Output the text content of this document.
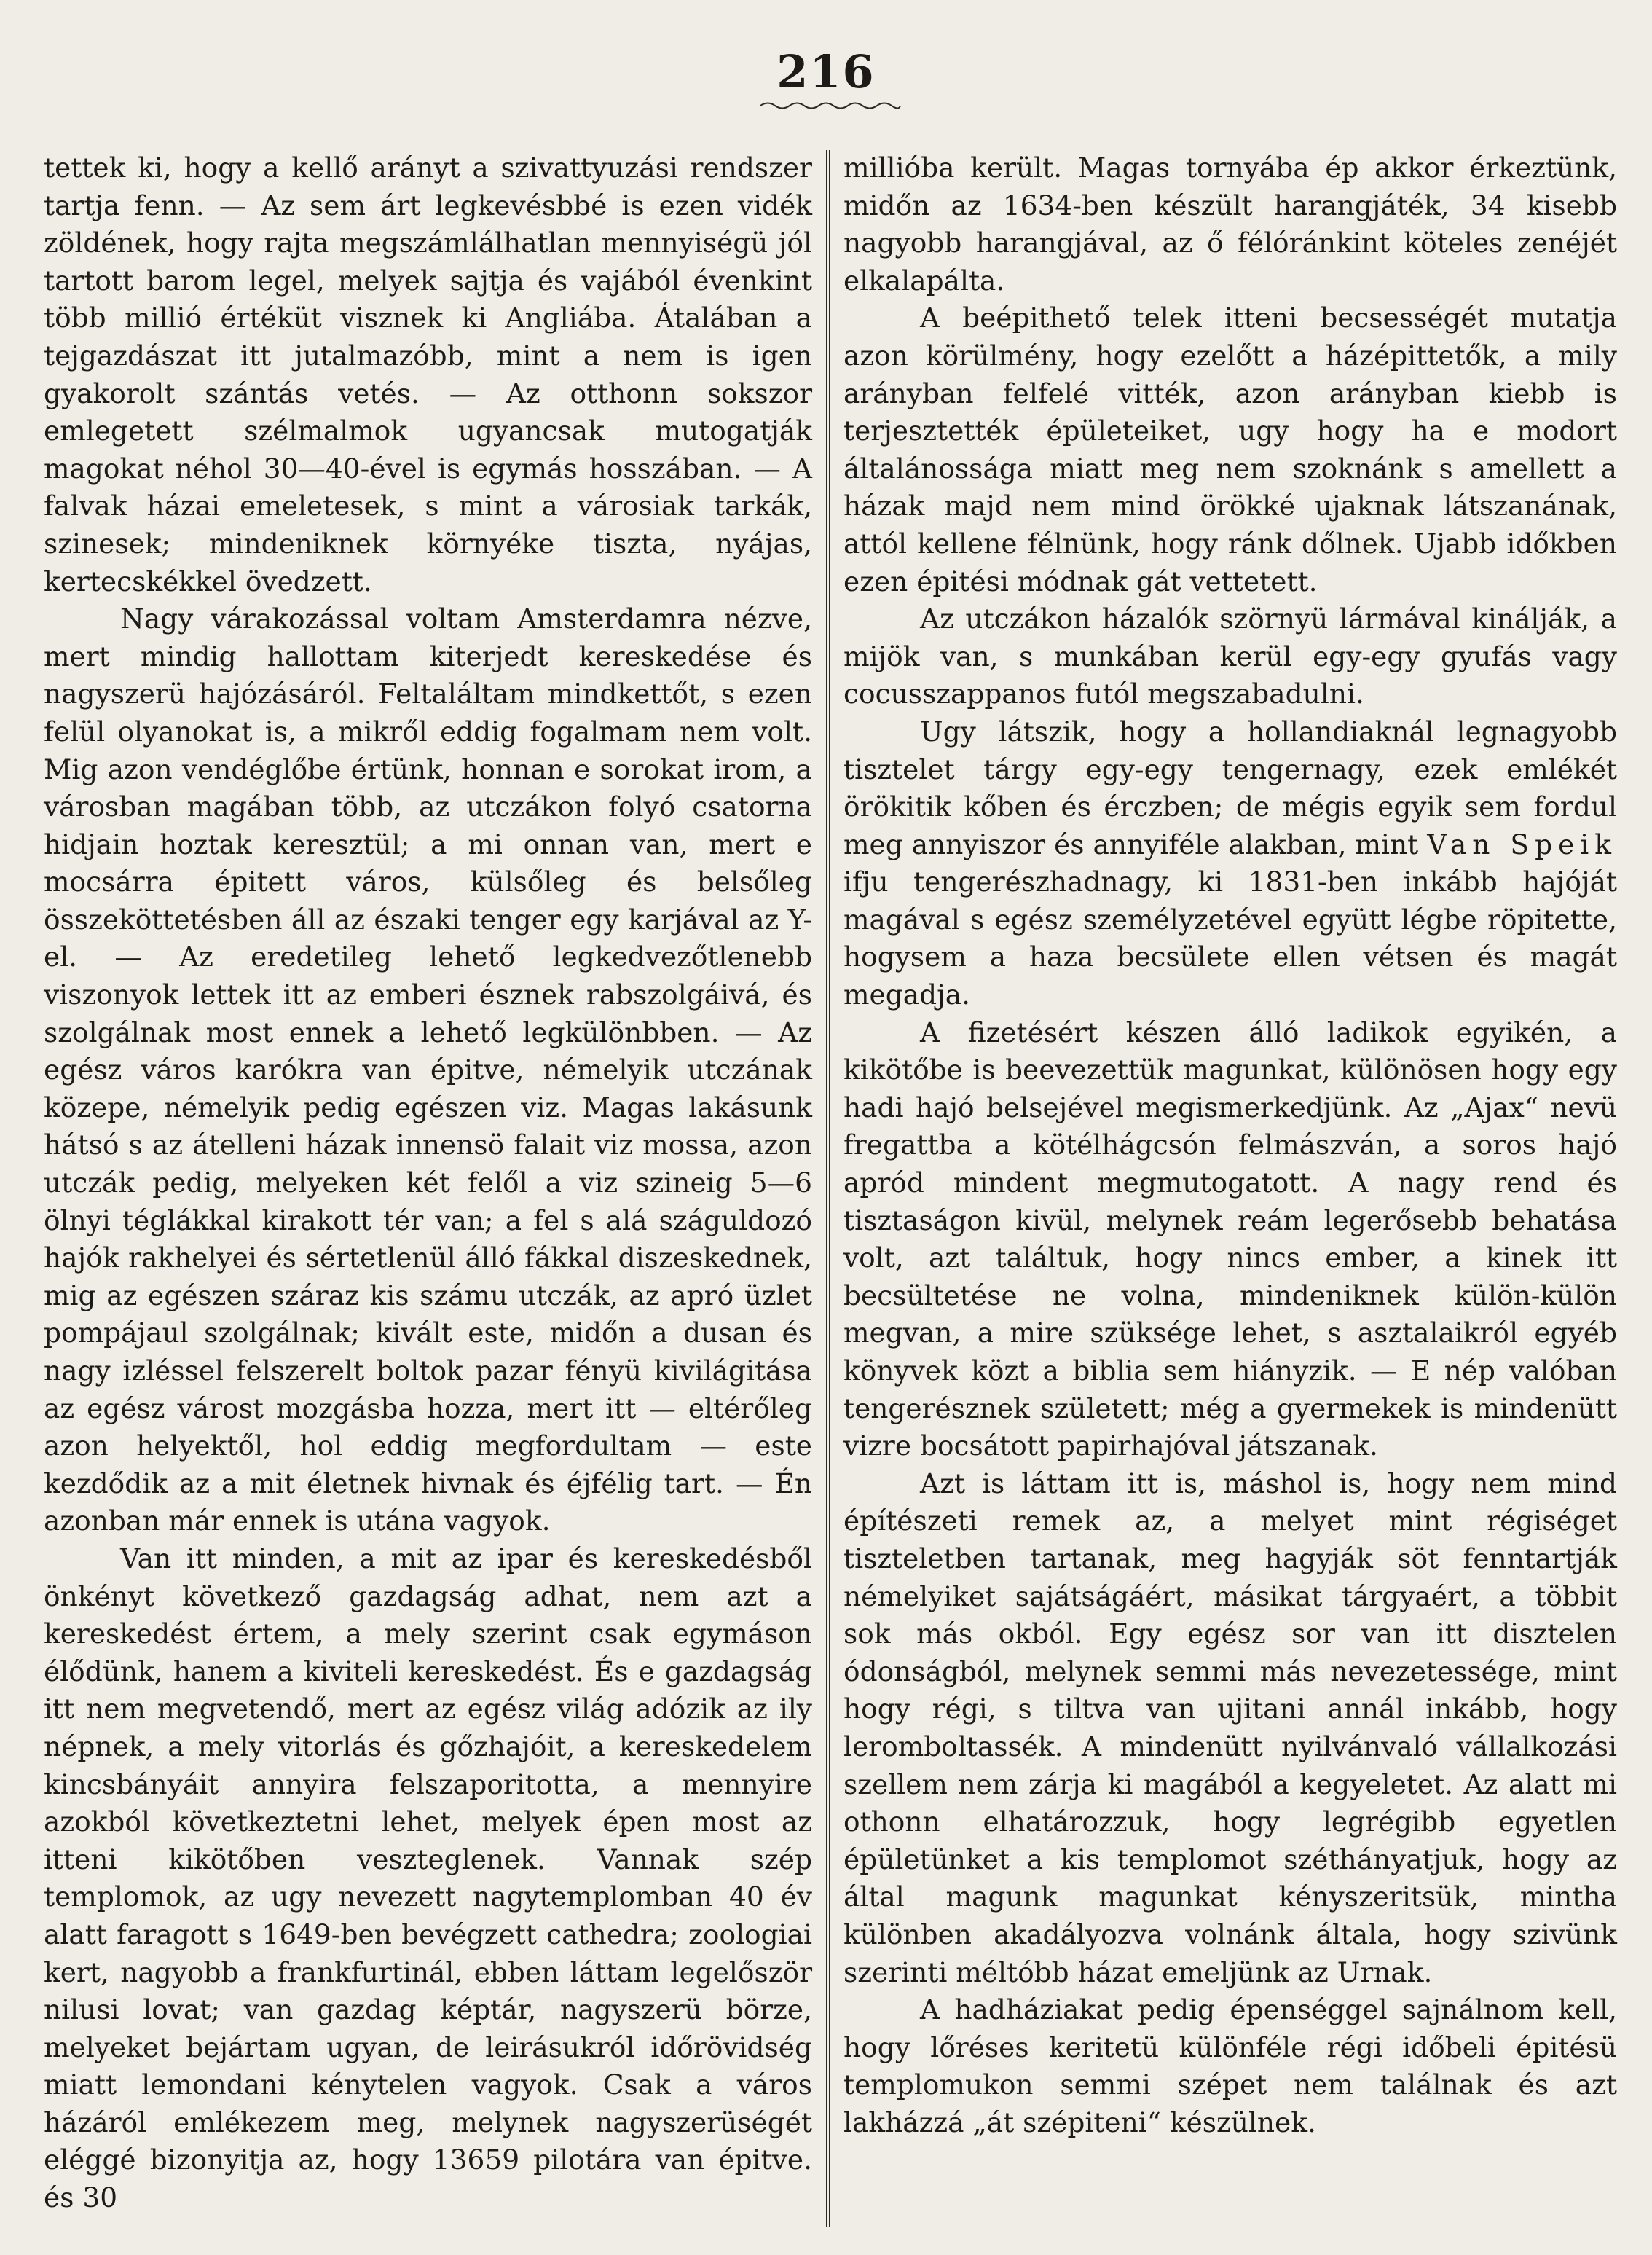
216

tettek ki, hogy a kellő arányt a szivattyuzási rendszer tartja fenn. — Az sem árt legkevésbbé is ezen vidék zöldének, hogy rajta megszámlálhatlan mennyiségü jól tartott barom legel, melyek sajtja és vajából évenkint több millió értéküt visznek ki Angliába. Átalában a tejgazdászat itt jutalmazóbb, mint a nem is igen gyakorolt szántás vetés. — Az otthonn sokszor emlegetett szélmalmok ugyancsak mutogatják magokat néhol 30—40-ével is egymás hosszában. — A falvak házai emeletesek, s mint a városiak tarkák, szinesek; mindeniknek környéke tiszta, nyájas, kertecskékkel övedzett.

Nagy várakozással voltam Amsterdamra nézve, mert mindig hallottam kiterjedt kereskedése és nagyszerü hajózásáról. Feltaláltam mindkettőt, s ezen felül olyanokat is, a mikről eddig fogalmam nem volt. Mig azon vendéglőbe értünk, honnan e sorokat irom, a városban magában több, az utczákon folyó csatorna hidjain hoztak keresztül; a mi onnan van, mert e mocsárra épitett város, külsőleg és belsőleg összeköttetésben áll az északi tenger egy karjával az Y-el. — Az eredetileg lehető legkedvezőtlenebb viszonyok lettek itt az emberi észnek rabszolgáivá, és szolgálnak most ennek a lehető legkülönbben. — Az egész város karókra van épitve, némelyik utczának közepe, némelyik pedig egészen viz. Magas lakásunk hátsó s az átelleni házak innensö falait viz mossa, azon utczák pedig, melyeken két felől a viz szineig 5—6 ölnyi téglákkal kirakott tér van; a fel s alá száguldozó hajók rakhelyei és sértetlenül álló fákkal diszeskednek, mig az egészen száraz kis számu utczák, az apró üzlet pompájaul szolgálnak; kivált este, midőn a dusan és nagy izléssel felszerelt boltok pazar fényü kivilágitása az egész várost mozgásba hozza, mert itt — eltérőleg azon helyektől, hol eddig megfordultam — este kezdődik az a mit életnek hivnak és éjfélig tart. — Én azonban már ennek is utána vagyok.

Van itt minden, a mit az ipar és kereskedésből önkényt következő gazdagság adhat, nem azt a kereskedést értem, a mely szerint csak egymáson élődünk, hanem a kiviteli kereskedést. És e gazdagság itt nem megvetendő, mert az egész világ adózik az ily népnek, a mely vitorlás és gőzhajóit, a kereskedelem kincsbányáit annyira felszaporitotta, a mennyire azokból következtetni lehet, melyek épen most az itteni kikötőben veszteglenek. Vannak szép templomok, az ugy nevezett nagytemplomban 40 év alatt faragott s 1649-ben bevégzett cathedra; zoologiai kert, nagyobb a frankfurtinál, ebben láttam legelőször nilusi lovat; van gazdag képtár, nagyszerü börze, melyeket bejártam ugyan, de leirásukról időrövidség miatt lemondani kénytelen vagyok. Csak a város házáról emlékezem meg, melynek nagyszerüségét eléggé bizonyitja az, hogy 13659 pilotára van épitve. és 30

millióba került. Magas tornyába ép akkor érkeztünk, midőn az 1634-ben készült harangjáték, 34 kisebb nagyobb harangjával, az ő félóránkint köteles zenéjét elkalapálta.

A beépithető telek itteni becsességét mutatja azon körülmény, hogy ezelőtt a házépittetők, a mily arányban felfelé vitték, azon arányban kiebb is terjesztették épületeiket, ugy hogy ha e modort általánossága miatt meg nem szoknánk s amellett a házak majd nem mind örökké ujaknak látszanának, attól kellene félnünk, hogy ránk dőlnek. Ujabb időkben ezen épitési módnak gát vettetett.

Az utczákon házalók szörnyü lármával kinálják, a mijök van, s munkában kerül egy-egy gyufás vagy cocusszappanos futól megszabadulni.

Ugy látszik, hogy a hollandiaknál legnagyobb tisztelet tárgy egy-egy tengernagy, ezek emlékét örökitik kőben és érczben; de mégis egyik sem fordul meg annyiszor és annyiféle alakban, mint Van Speik ifju tengerészhadnagy, ki 1831-ben inkább hajóját magával s egész személyzetével együtt légbe röpitette, hogysem a haza becsülete ellen vétsen és magát megadja.

A fizetésért készen álló ladikok egyikén, a kikötőbe is beevezettük magunkat, különösen hogy egy hadi hajó belsejével megismerkedjünk. Az „Ajax“ nevü fregattba a kötélhágcsón felmászván, a soros hajó apród mindent megmutogatott. A nagy rend és tisztaságon kivül, melynek reám legerősebb behatása volt, azt találtuk, hogy nincs ember, a kinek itt becsültetése ne volna, mindeniknek külön-külön megvan, a mire szüksége lehet, s asztalaikról egyéb könyvek közt a biblia sem hiányzik. — E nép valóban tengerésznek született; még a gyermekek is mindenütt vizre bocsátott papirhajóval játszanak.

Azt is láttam itt is, máshol is, hogy nem mind építészeti remek az, a melyet mint régiséget tiszteletben tartanak, meg hagyják söt fenntartják némelyiket sajátságáért, másikat tárgyaért, a többit sok más okból. Egy egész sor van itt disztelen ódonságból, melynek semmi más nevezetessége, mint hogy régi, s tiltva van ujitani annál inkább, hogy leromboltassék. A mindenütt nyilvánvaló vállalkozási szellem nem zárja ki magából a kegyeletet. Az alatt mi othonn elhatározzuk, hogy legrégibb egyetlen épületünket a kis templomot széthányatjuk, hogy az által magunk magunkat kényszeritsük, mintha különben akadályozva volnánk általa, hogy szivünk szerinti méltóbb házat emeljünk az Urnak.

A hadháziakat pedig épenséggel sajnálnom kell, hogy lőréses keritetü különféle régi időbeli épitésü templomukon semmi szépet nem találnak és azt lakházzá „át szépiteni“ készülnek.
